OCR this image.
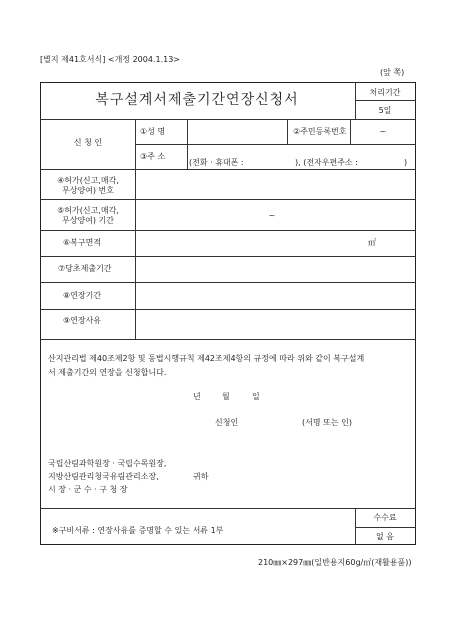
[별지 제41호서식] <개정 2004.1.13>
(앞 쪽)
복구설계서제출기간연장신청서	처리기간
5일
신 청 인
①성 명	②주민등록번호	~
③주 소
(전화 · 휴대폰 :	), (전자우편주소 :	)
④허가(신고,매각,
무상양여) 번호
⑤허가(신고,매각,
무상양여) 기간
~
⑥복구면적	㎡
⑦당초제출기간
⑧연장기간
⑨연장사유
산지관리법 제40조제2항 및 동법시행규칙 제42조제4항의 규정에 따라 위와 같이 복구설계
서 제출기간의 연장을 신청합니다.
년	월	일
신청인	(서명 또는 인)
국립산림과학원장 · 국립수목원장,
지방산림관리청국유림관리소장,	귀하
시 장 · 군 수 · 구 청 장
※구비서류 : 연장사유를 증명할 수 있는 서류 1부
수수료
없 음
210㎜×297㎜(일반용지60g/㎡(재활용품))
